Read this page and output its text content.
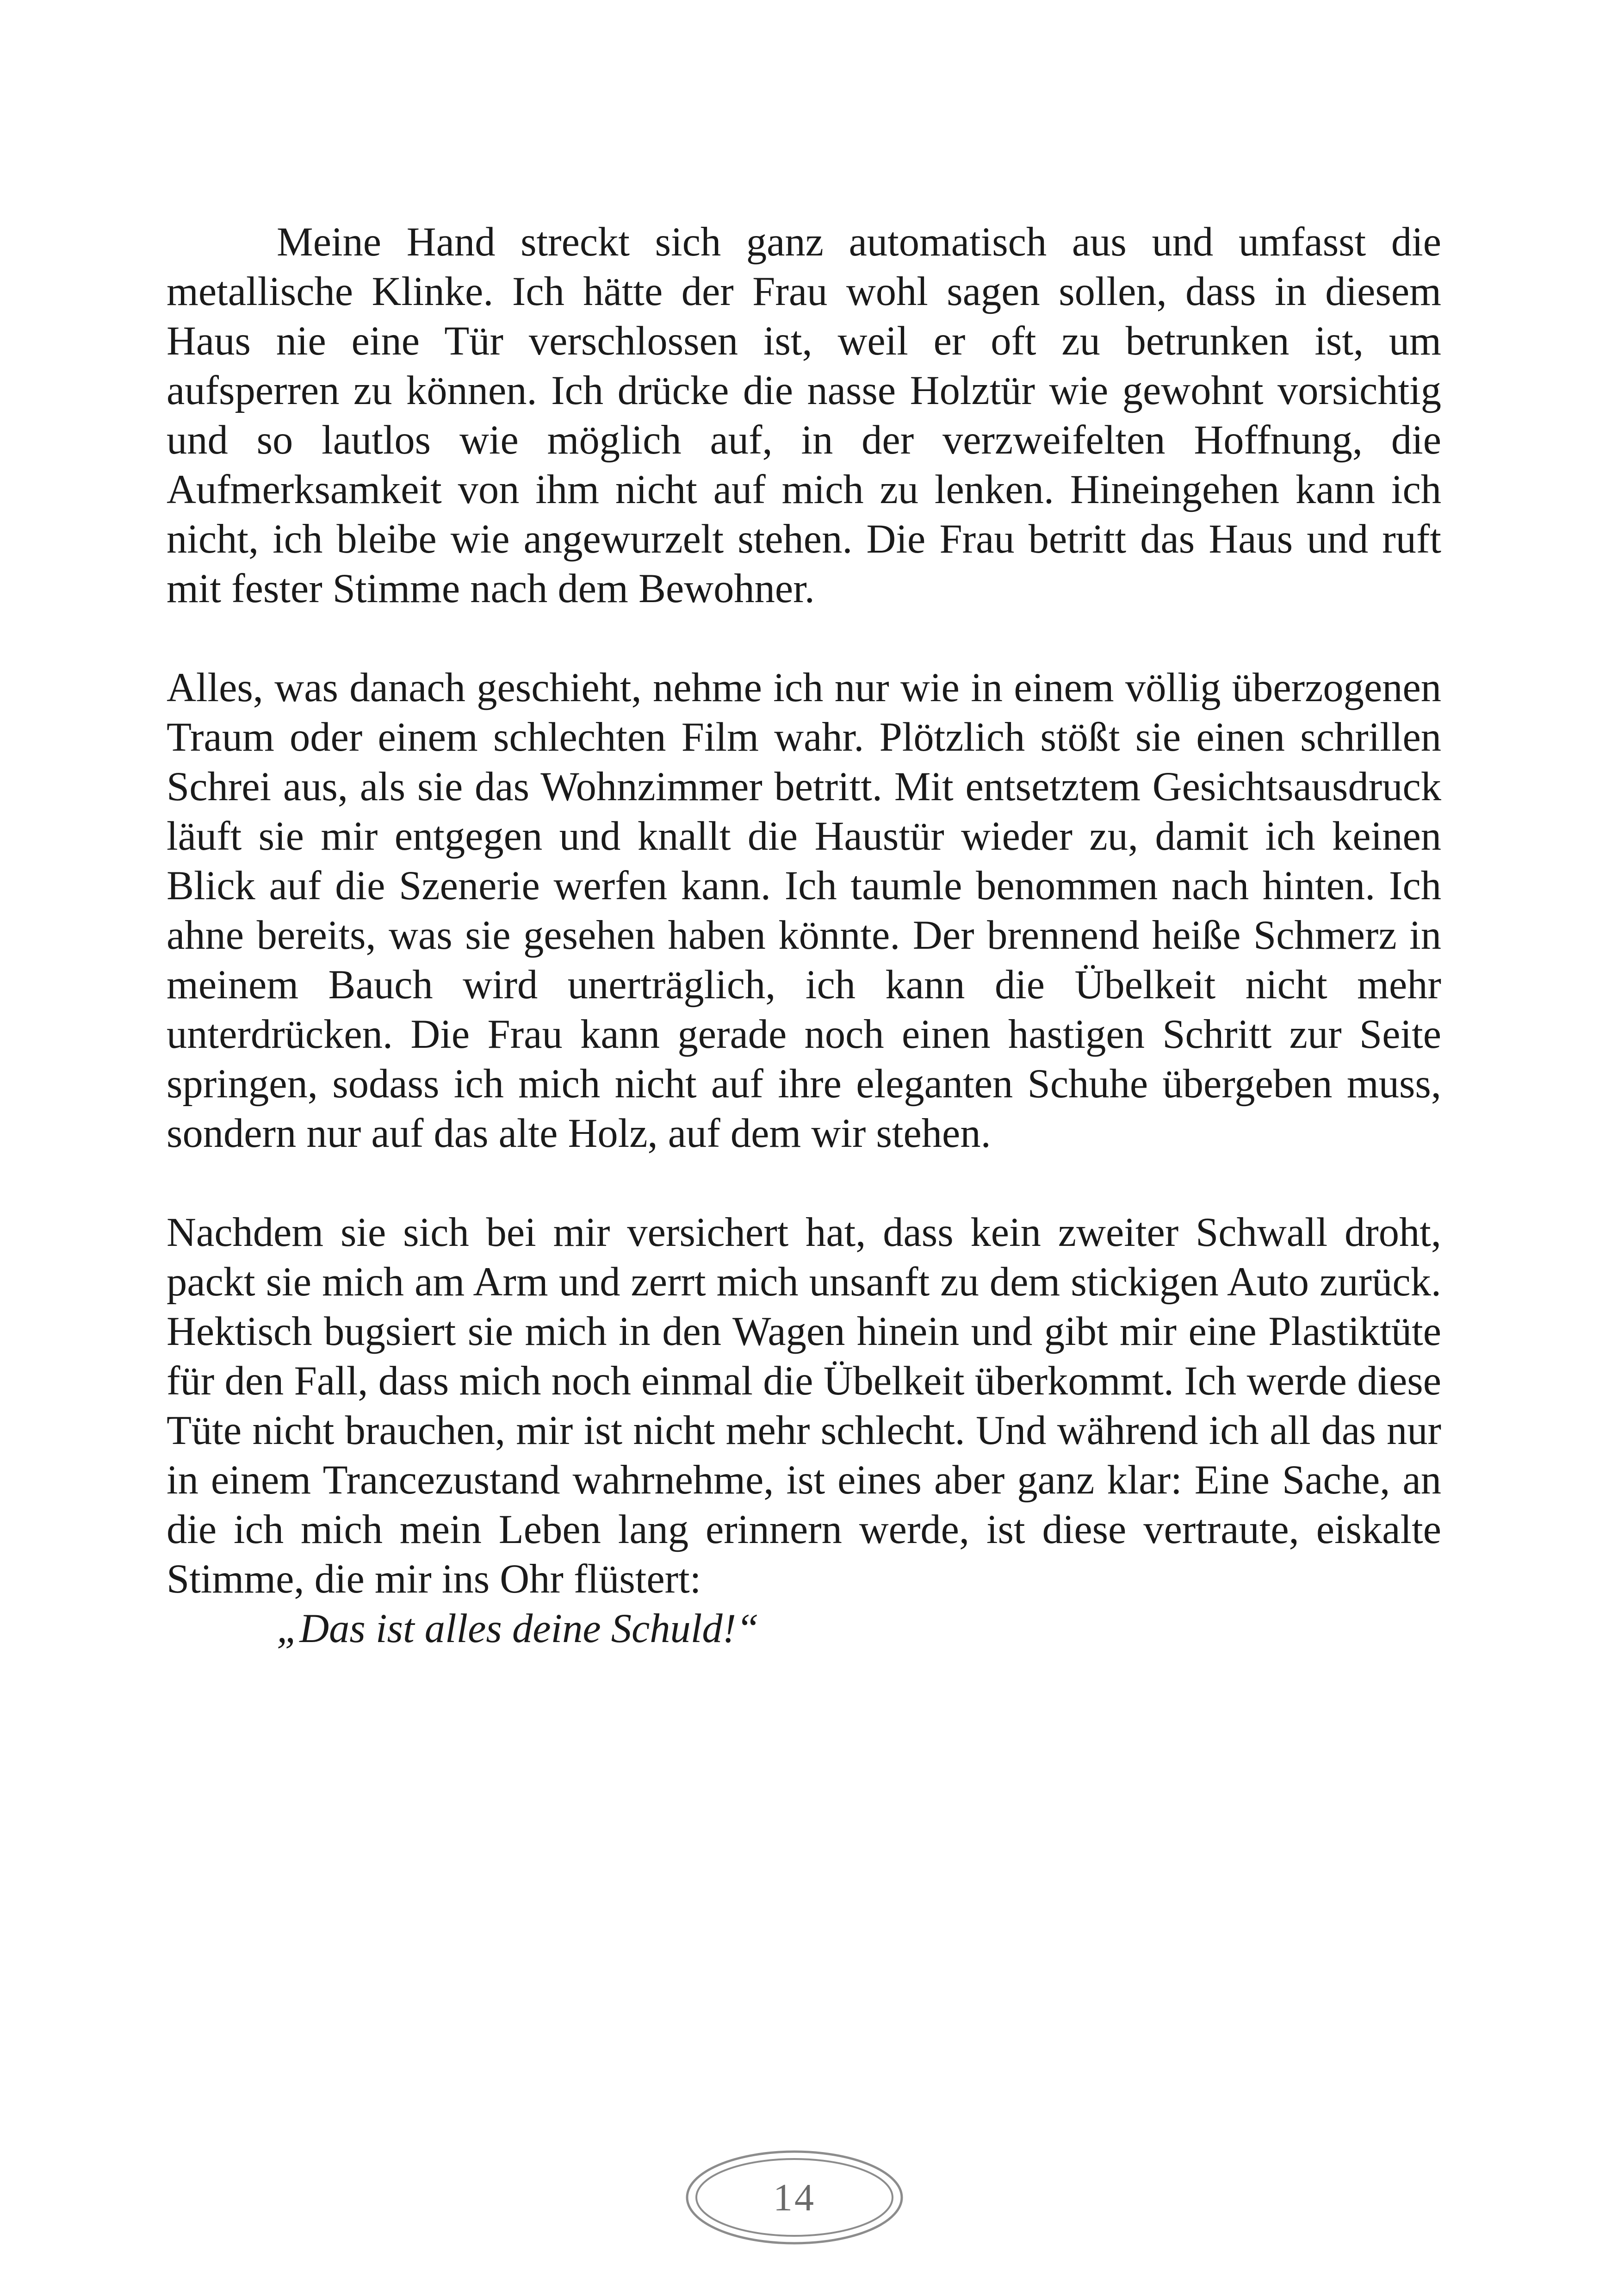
Meine Hand streckt sich ganz automatisch aus und umfasst die metallische Klinke. Ich hätte der Frau wohl sagen sollen, dass in diesem Haus nie eine Tür verschlossen ist, weil er oft zu betrunken ist, um aufsperren zu können. Ich drücke die nasse Holztür wie gewohnt vorsichtig und so lautlos wie möglich auf, in der verzweifelten Hoffnung, die Aufmerksamkeit von ihm nicht auf mich zu lenken. Hineingehen kann ich nicht, ich bleibe wie angewurzelt stehen. Die Frau betritt das Haus und ruft mit fester Stimme nach dem Bewohner.

Alles, was danach geschieht, nehme ich nur wie in einem völlig überzogenen Traum oder einem schlechten Film wahr. Plötzlich stößt sie einen schrillen Schrei aus, als sie das Wohnzimmer betritt. Mit entsetztem Gesichtsausdruck läuft sie mir entgegen und knallt die Haustür wieder zu, damit ich keinen Blick auf die Szenerie werfen kann. Ich taumle benommen nach hinten. Ich ahne bereits, was sie gesehen haben könnte. Der brennend heiße Schmerz in meinem Bauch wird unerträglich, ich kann die Übelkeit nicht mehr unterdrücken. Die Frau kann gerade noch einen hastigen Schritt zur Seite springen, sodass ich mich nicht auf ihre eleganten Schuhe übergeben muss, sondern nur auf das alte Holz, auf dem wir stehen.

Nachdem sie sich bei mir versichert hat, dass kein zweiter Schwall droht, packt sie mich am Arm und zerrt mich unsanft zu dem stickigen Auto zurück. Hektisch bugsiert sie mich in den Wagen hinein und gibt mir eine Plastiktüte für den Fall, dass mich noch einmal die Übelkeit überkommt. Ich werde diese Tüte nicht brauchen, mir ist nicht mehr schlecht. Und während ich all das nur in einem Trancezustand wahrnehme, ist eines aber ganz klar: Eine Sache, an die ich mich mein Leben lang erinnern werde, ist diese vertraute, eiskalte Stimme, die mir ins Ohr flüstert:

„Das ist alles deine Schuld!“

14
